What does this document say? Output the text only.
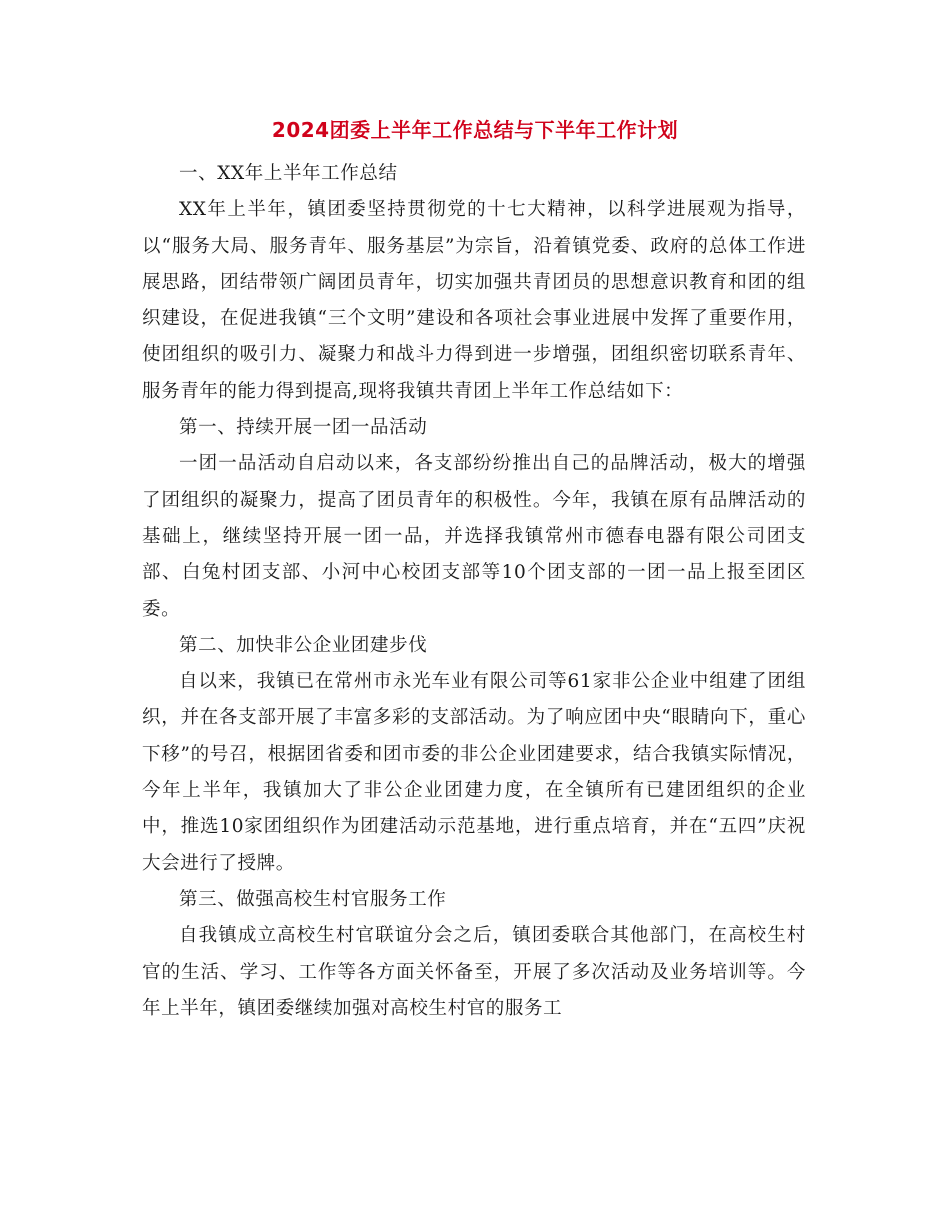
2024团委上半年工作总结与下半年工作计划

一、XX年上半年工作总结

XX年上半年，镇团委坚持贯彻党的十七大精神，以科学进展观为指导，以“服务大局、服务青年、服务基层”为宗旨，沿着镇党委、政府的总体工作进展思路，团结带领广阔团员青年，切实加强共青团员的思想意识教育和团的组织建设，在促进我镇“三个文明”建设和各项社会事业进展中发挥了重要作用，使团组织的吸引力、凝聚力和战斗力得到进一步增强，团组织密切联系青年、服务青年的能力得到提高,现将我镇共青团上半年工作总结如下：

第一、持续开展一团一品活动

一团一品活动自启动以来，各支部纷纷推出自己的品牌活动，极大的增强了团组织的凝聚力，提高了团员青年的积极性。今年，我镇在原有品牌活动的基础上，继续坚持开展一团一品，并选择我镇常州市德春电器有限公司团支部、白兔村团支部、小河中心校团支部等10个团支部的一团一品上报至团区委。

第二、加快非公企业团建步伐

自以来，我镇已在常州市永光车业有限公司等61家非公企业中组建了团组织，并在各支部开展了丰富多彩的支部活动。为了响应团中央“眼睛向下，重心下移”的号召，根据团省委和团市委的非公企业团建要求，结合我镇实际情况，今年上半年，我镇加大了非公企业团建力度，在全镇所有已建团组织的企业中，推选10家团组织作为团建活动示范基地，进行重点培育，并在“五四”庆祝大会进行了授牌。

第三、做强高校生村官服务工作

自我镇成立高校生村官联谊分会之后，镇团委联合其他部门，在高校生村官的生活、学习、工作等各方面关怀备至，开展了多次活动及业务培训等。今年上半年，镇团委继续加强对高校生村官的服务工
